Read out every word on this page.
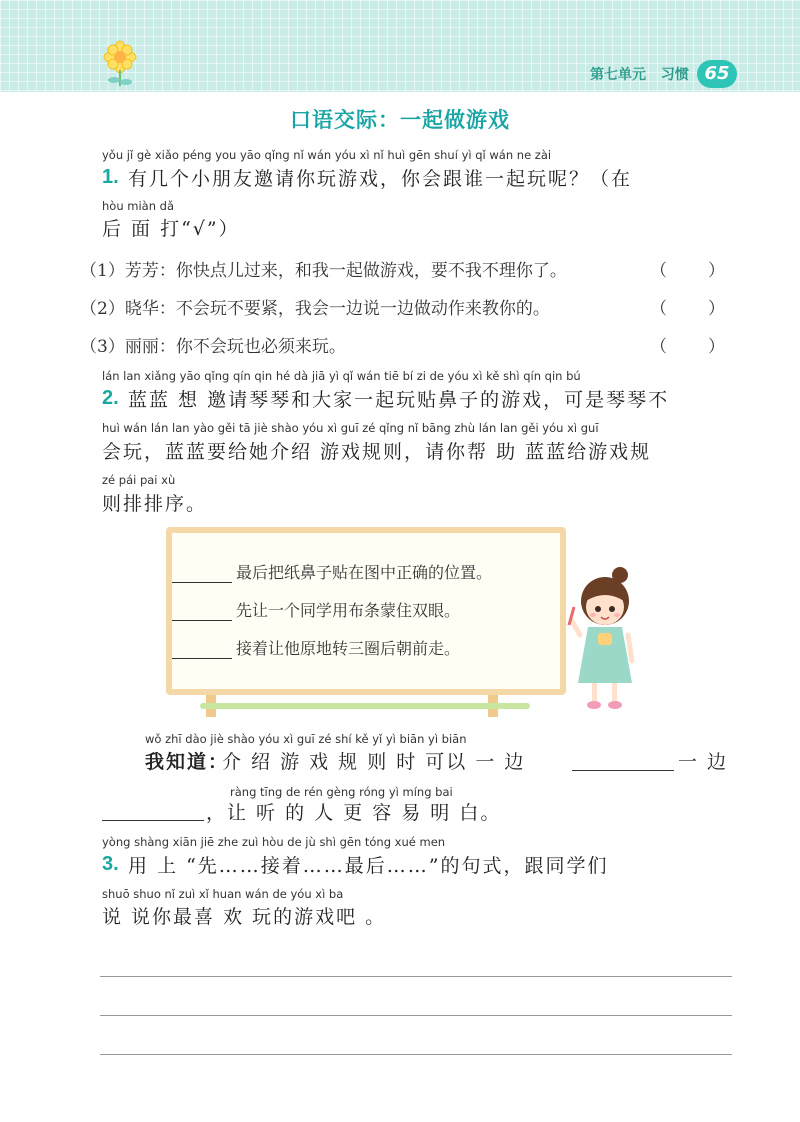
第七单元 习惯 65
口语交际：一起做游戏
1.
yǒu jǐ gè xiǎo péng you yāo qǐng nǐ wán yóu xì nǐ huì gēn shuí yì qǐ wán ne zài
有几个小朋友邀请你玩游戏，你会跟谁一起玩呢？（在
hòu miàn dǎ
后 面 打“√”）
（1）芳芳：你快点儿过来，和我一起做游戏，要不我不理你了。	（    ）
（2）晓华：不会玩不要紧，我会一边说一边做动作来教你的。	（    ）
（3）丽丽：你不会玩也必须来玩。	（    ）
lán lan xiǎng yāo qǐng qín qin hé dà jiā yì qǐ wán tiē bí zi de yóu xì kě shì qín qin bú
2. 蓝蓝 想 邀请琴琴和大家一起玩贴鼻子的游戏，可是琴琴不
huì wán lán lan yào gěi tā jiè shào yóu xì guī zé qǐng nǐ bāng zhù lán lan gěi yóu xì guī
会玩，蓝蓝要给她介绍 游戏规则，请你帮 助 蓝蓝给游戏规
zé pái pai xù
则排排序。
最后把纸鼻子贴在图中正确的位置。
先让一个同学用布条蒙住双眼。
接着让他原地转三圈后朝前走。
wǒ zhī dào jiè shào yóu xì guī zé shí kě yǐ yì biān yì biān
我知道：
介 绍 游 戏 规 则 时 可以 一 边	一 边
ràng tīng de rén gèng róng yì míng bai
，让 听 的 人 更 容 易 明 白。
yòng shàng xiān jiē zhe zuì hòu de jù shì gēn tóng xué men
3. 用 上 “先……接着……最后……”的句式，跟同学们
shuō shuo nǐ zuì xǐ huan wán de yóu xì ba
说 说你最喜 欢 玩的游戏吧 。
